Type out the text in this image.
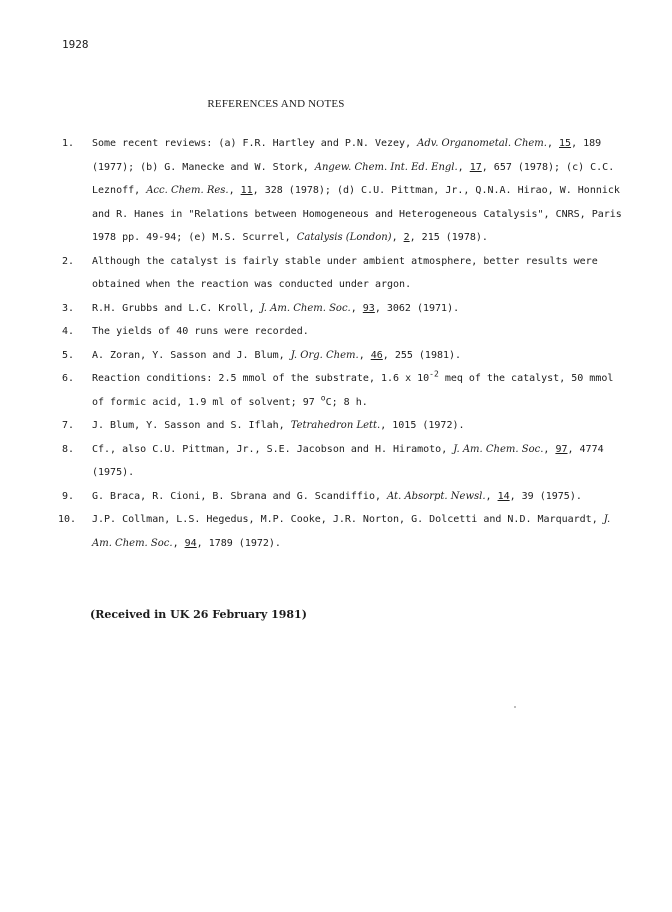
1928
REFERENCES AND NOTES
1.	Some recent reviews: (a) F.R. Hartley and P.N. Vezey, Adv. Organometal. Chem., 15, 189 (1977); (b) G. Manecke and W. Stork, Angew. Chem. Int. Ed. Engl., 17, 657 (1978); (c) C.C. Leznoff, Acc. Chem. Res., 11, 328 (1978); (d) C.U. Pittman, Jr., Q.N.A. Hirao, W. Honnick and R. Hanes in "Relations between Homogeneous and Heterogeneous Catalysis", CNRS, Paris 1978 pp. 49-94; (e) M.S. Scurrel, Catalysis (London), 2, 215 (1978).
2.	Although the catalyst is fairly stable under ambient atmosphere, better results were obtained when the reaction was conducted under argon.
3.	R.H. Grubbs and L.C. Kroll, J. Am. Chem. Soc., 93, 3062 (1971).
4.	The yields of 40 runs were recorded.
5.	A. Zoran, Y. Sasson and J. Blum, J. Org. Chem., 46, 255 (1981).
6.	Reaction conditions: 2.5 mmol of the substrate, 1.6 x $10^{-2}$ meq of the catalyst, 50 mmol of formic acid, 1.9 ml of solvent; 97 $^o$C; 8 h.
7.	J. Blum, Y. Sasson and S. Iflah, Tetrahedron Lett., 1015 (1972).
8.	Cf., also C.U. Pittman, Jr., S.E. Jacobson and H. Hiramoto, J. Am. Chem. Soc., 97, 4774 (1975).
9.	G. Braca, R. Cioni, B. Sbrana and G. Scandiffio, At. Absorpt. Newsl., 14, 39 (1975).
10.	J.P. Collman, L.S. Hegedus, M.P. Cooke, J.R. Norton, G. Dolcetti and N.D. Marquardt, J. Am. Chem. Soc., 94, 1789 (1972).
(Received in UK 26 February 1981)
